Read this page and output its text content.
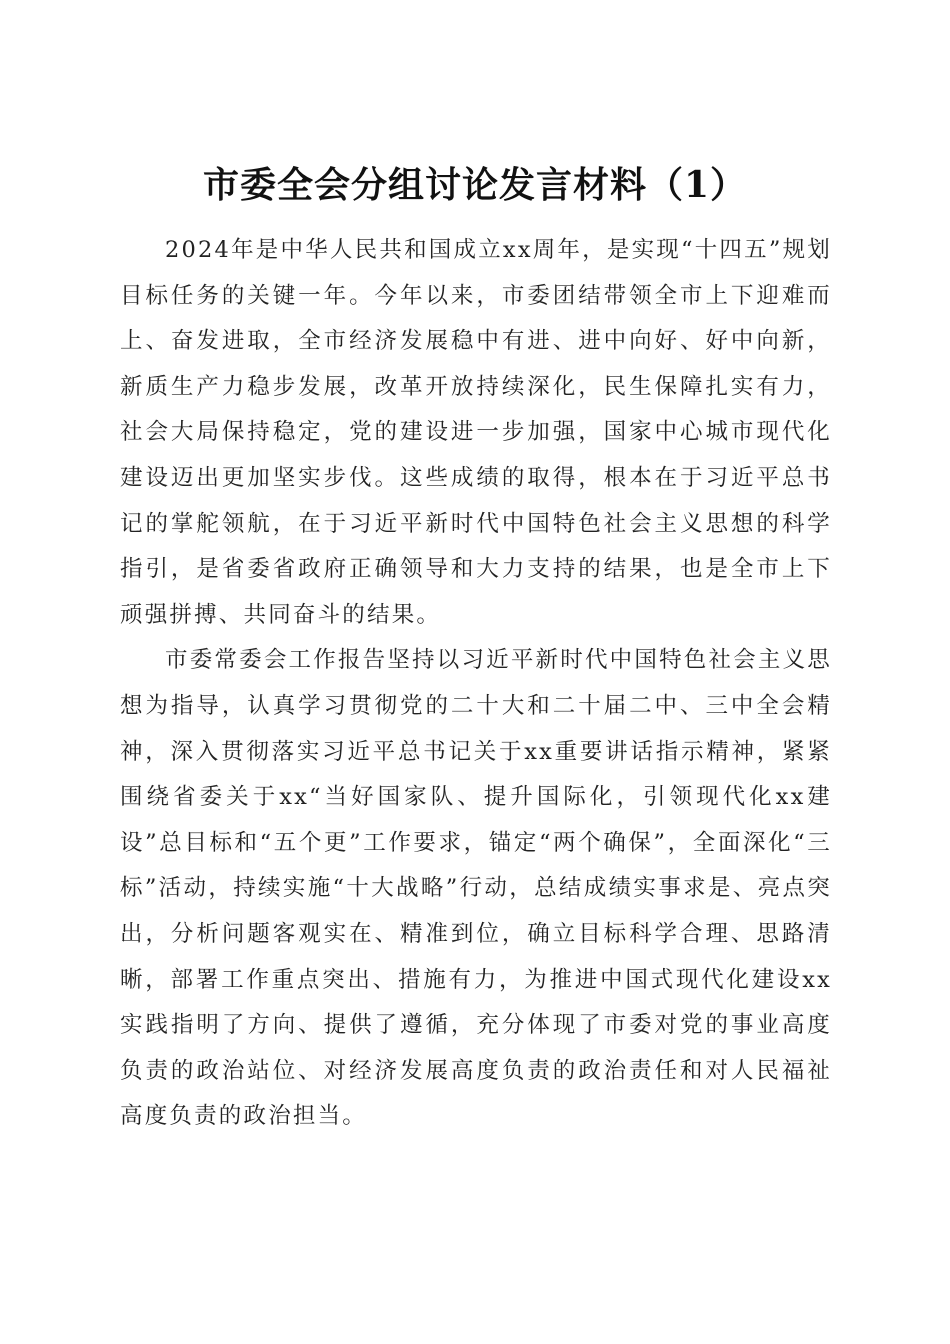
市委全会分组讨论发言材料（1）

2024年是中华人民共和国成立xx周年，是实现“十四五”规划目标任务的关键一年。今年以来，市委团结带领全市上下迎难而上、奋发进取，全市经济发展稳中有进、进中向好、好中向新，新质生产力稳步发展，改革开放持续深化，民生保障扎实有力，社会大局保持稳定，党的建设进一步加强，国家中心城市现代化建设迈出更加坚实步伐。这些成绩的取得，根本在于习近平总书记的掌舵领航，在于习近平新时代中国特色社会主义思想的科学指引，是省委省政府正确领导和大力支持的结果，也是全市上下顽强拼搏、共同奋斗的结果。

市委常委会工作报告坚持以习近平新时代中国特色社会主义思想为指导，认真学习贯彻党的二十大和二十届二中、三中全会精神，深入贯彻落实习近平总书记关于xx重要讲话指示精神，紧紧围绕省委关于xx“当好国家队、提升国际化，引领现代化xx建设”总目标和“五个更”工作要求，锚定“两个确保”，全面深化“三标”活动，持续实施“十大战略”行动，总结成绩实事求是、亮点突出，分析问题客观实在、精准到位，确立目标科学合理、思路清晰，部署工作重点突出、措施有力，为推进中国式现代化建设xx实践指明了方向、提供了遵循，充分体现了市委对党的事业高度负责的政治站位、对经济发展高度负责的政治责任和对人民福祉高度负责的政治担当。
